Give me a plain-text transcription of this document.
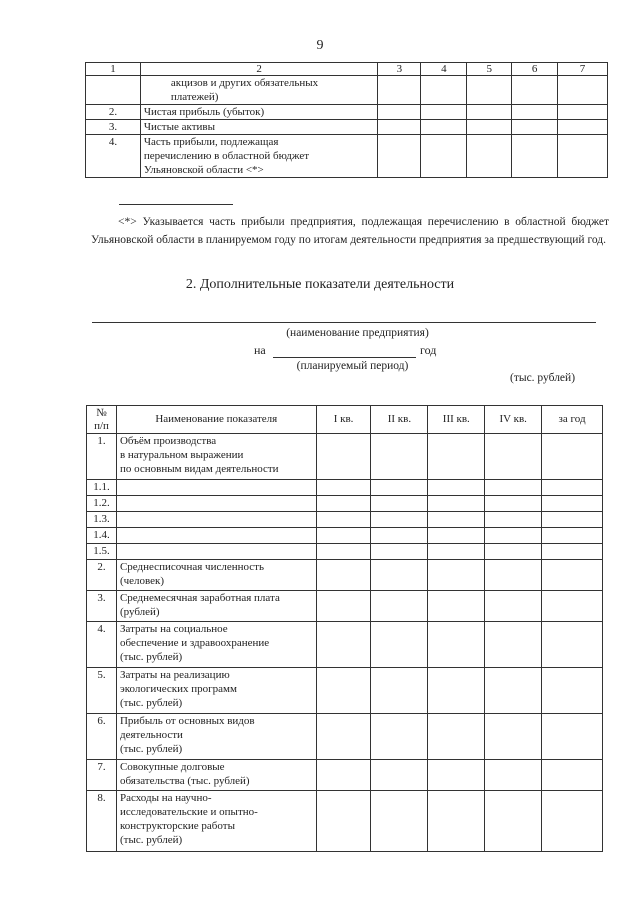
9
1	2	3	4	5	6	7
	акцизов и других обязательных
платежей)					
2.	Чистая прибыль (убыток)					
3.	Чистые активы					
4.	Часть прибыли, подлежащая
перечислению в областной бюджет
Ульяновской области <*>					
<*> Указывается часть прибыли предприятия, подлежащая перечислению в областной бюджет Ульяновской области в планируемом году по итогам деятельности предприятия за предшествующий год.
2. Дополнительные показатели деятельности
(наименование предприятия)
на	год
(планируемый период)
(тыс. рублей)
№
п/п	Наименование показателя	I кв.	II кв.	III кв.	IV кв.	за год
1.	Объём производства
в натуральном выражении
по основным видам деятельности					
1.1.						
1.2.						
1.3.						
1.4.						
1.5.						
2.	Среднесписочная численность
(человек)					
3.	Среднемесячная заработная плата
(рублей)					
4.	Затраты на социальное
обеспечение и здравоохранение
(тыс. рублей)					
5.	Затраты на реализацию
экологических программ
(тыс. рублей)					
6.	Прибыль от основных видов
деятельности
(тыс. рублей)					
7.	Совокупные долговые
обязательства (тыс. рублей)					
8.	Расходы на научно-
исследовательские и опытно-
конструкторские работы
(тыс. рублей)					
